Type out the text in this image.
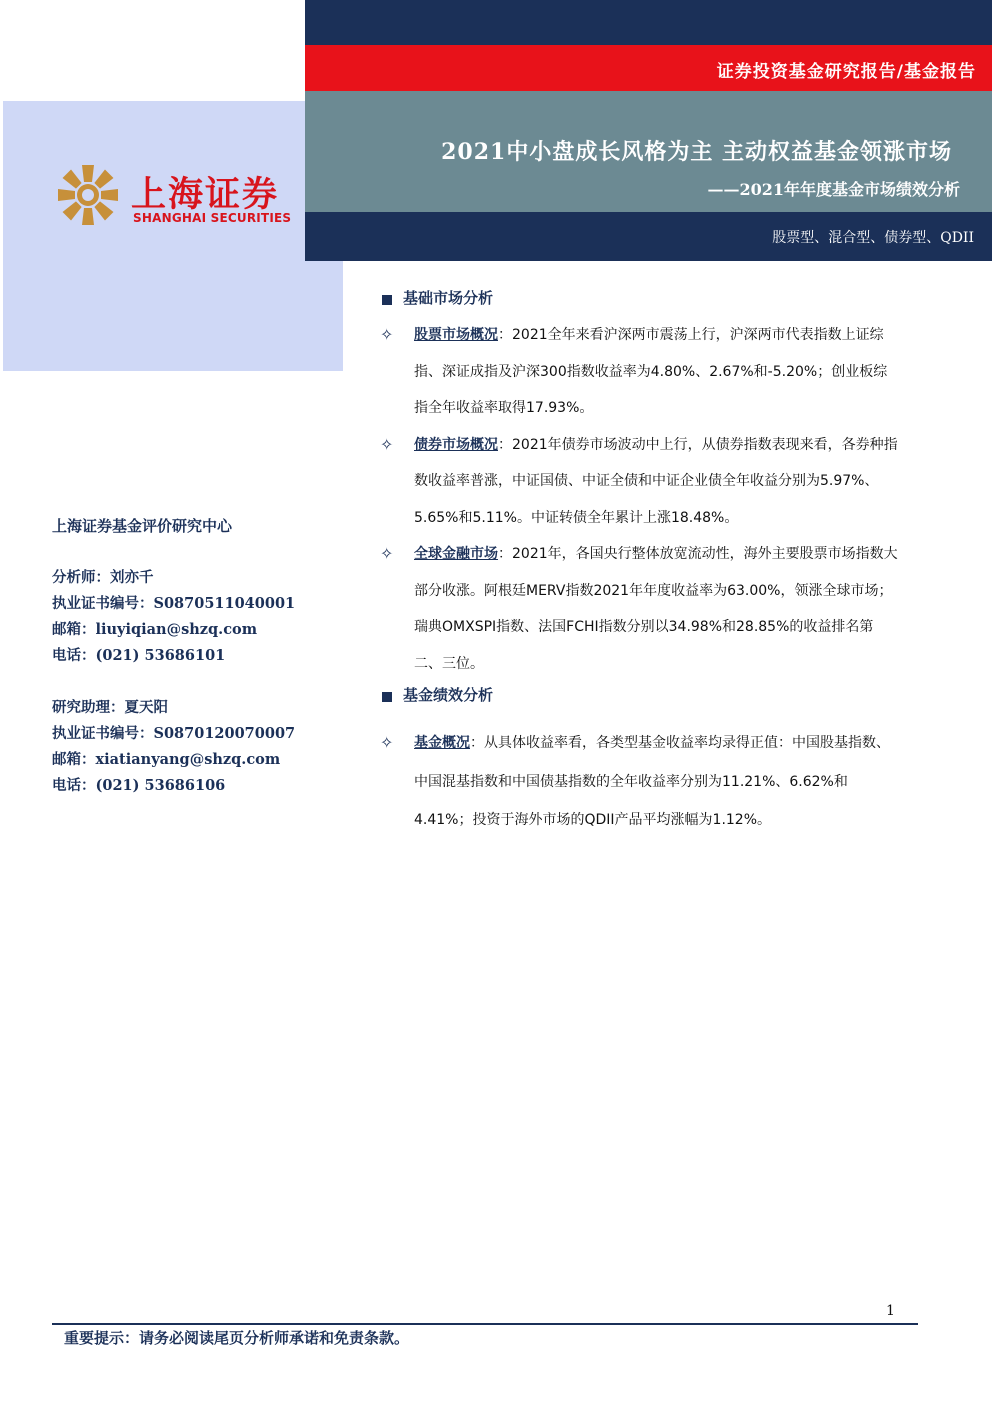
证券投资基金研究报告/基金报告
2021中小盘成长风格为主 主动权益基金领涨市场
——2021年年度基金市场绩效分析
股票型、混合型、债券型、QDII
上海证券
SHANGHAI SECURITIES
上海证券基金评价研究中心
分析师：刘亦千
执业证书编号：S0870511040001
邮箱：liuyiqian@shzq.com
电话：(021) 53686101
研究助理：夏天阳
执业证书编号：S0870120070007
邮箱：xiatianyang@shzq.com
电话：(021) 53686106
基础市场分析
✧ 股票市场概况：2021全年来看沪深两市震荡上行，沪深两市代表指数上证综指、深证成指及沪深300指数收益率为4.80%、2.67%和-5.20%；创业板综指全年收益率取得17.93%。
✧ 债券市场概况：2021年债券市场波动中上行，从债券指数表现来看，各券种指数收益率普涨，中证国债、中证全债和中证企业债全年收益分别为5.97%、5.65%和5.11%。中证转债全年累计上涨18.48%。
✧ 全球金融市场：2021年，各国央行整体放宽流动性，海外主要股票市场指数大部分收涨。阿根廷MERV指数2021年年度收益率为63.00%，领涨全球市场；瑞典OMXSPI指数、法国FCHI指数分别以34.98%和28.85%的收益排名第二、三位。
基金绩效分析
✧ 基金概况：从具体收益率看，各类型基金收益率均录得正值：中国股基指数、中国混基指数和中国债基指数的全年收益率分别为11.21%、6.62%和4.41%；投资于海外市场的QDII产品平均涨幅为1.12%。
1
重要提示：请务必阅读尾页分析师承诺和免责条款。
